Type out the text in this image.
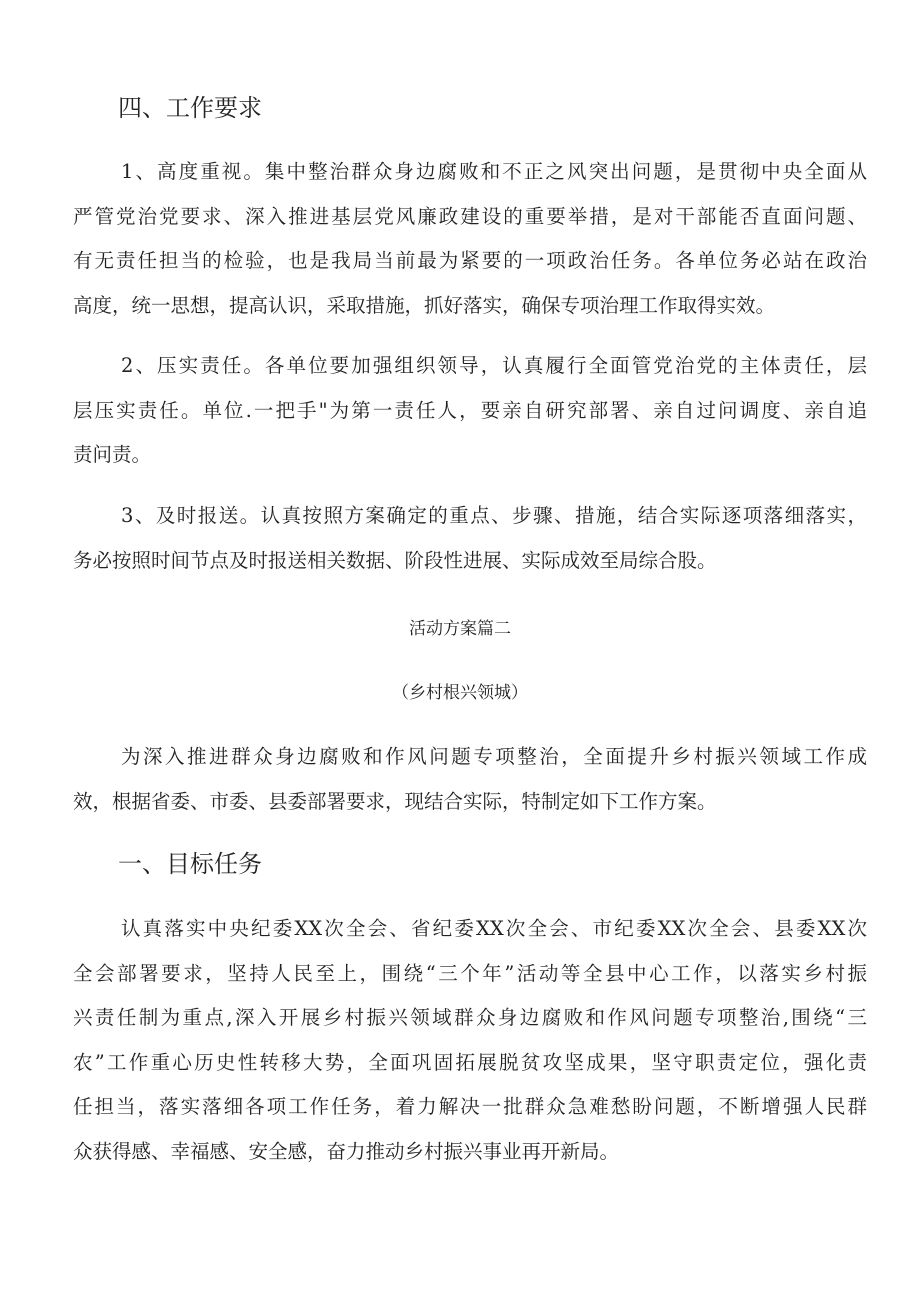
四、工作要求
1、高度重视。集中整治群众身边腐败和不正之风突出问题，是贯彻中央全面从
严管党治党要求、深入推进基层党风廉政建设的重要举措，是对干部能否直面问题、
有无责任担当的检验，也是我局当前最为紧要的一项政治任务。各单位务必站在政治
高度，统一思想，提高认识，采取措施，抓好落实，确保专项治理工作取得实效。
2、压实责任。各单位要加强组织领导，认真履行全面管党治党的主体责任，层
层压实责任。单位.一把手"为第一责任人，要亲自研究部署、亲自过问调度、亲自追
责问责。
3、及时报送。认真按照方案确定的重点、步骤、措施，结合实际逐项落细落实，
务必按照时间节点及时报送相关数据、阶段性进展、实际成效至局综合股。
活动方案篇二
（乡村根兴领城）
为深入推进群众身边腐败和作风问题专项整治，全面提升乡村振兴领域工作成
效，根据省委、市委、县委部署要求，现结合实际，特制定如下工作方案。
一、目标任务
认真落实中央纪委XX次全会、省纪委XX次全会、市纪委XX次全会、县委XX次
全会部署要求，坚持人民至上，围绕“三个年”活动等全县中心工作，以落实乡村振
兴责任制为重点,深入开展乡村振兴领域群众身边腐败和作风问题专项整治,围绕“三
农”工作重心历史性转移大势，全面巩固拓展脱贫攻坚成果，坚守职责定位，强化责
任担当，落实落细各项工作任务，着力解决一批群众急难愁盼问题，不断增强人民群
众获得感、幸福感、安全感，奋力推动乡村振兴事业再开新局。
